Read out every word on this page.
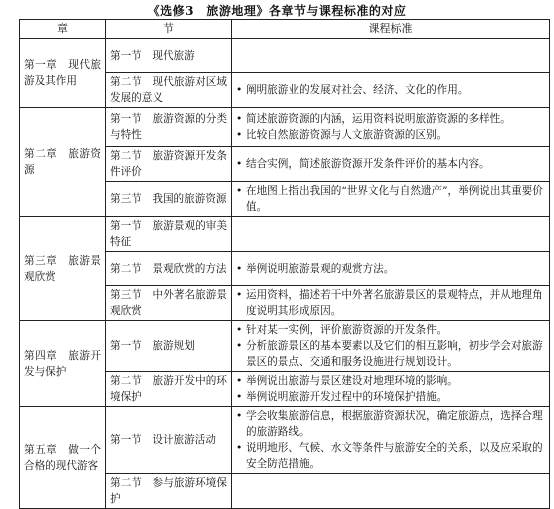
《选修3　旅游地理》各章节与课程标准的对应
章	节	课程标准
第一章　现代旅游及其作用	第一节　现代旅游	
	第二节　现代旅游对区域发展的意义	• 阐明旅游业的发展对社会、经济、文化的作用。

第二章　旅游资源	第一节　旅游资源的分类与特性	• 简述旅游资源的内涵，运用资料说明旅游资源的多样性。
• 比较自然旅游资源与人文旅游资源的区别。

	第二节　旅游资源开发条件评价	• 结合实例，简述旅游资源开发条件评价的基本内容。

	第三节　我国的旅游资源	• 在地图上指出我国的“世界文化与自然遗产”，举例说出其重要价值。

第三章　旅游景观欣赏	第一节　旅游景观的审美特征	
	第二节　景观欣赏的方法	• 举例说明旅游景观的观赏方法。

	第三节　中外著名旅游景观欣赏	• 运用资料，描述若干中外著名旅游景区的景观特点，并从地理角度说明其形成原因。

第四章　旅游开发与保护	第一节　旅游规划	• 针对某一实例，评价旅游资源的开发条件。
• 分析旅游景区的基本要素以及它们的相互影响，初步学会对旅游景区的景点、交通和服务设施进行规划设计。

	第二节　旅游开发中的环境保护	• 举例说出旅游与景区建设对地理环境的影响。
• 举例说明旅游开发过程中的环境保护措施。

第五章　做一个合格的现代游客	第一节　设计旅游活动	• 学会收集旅游信息，根据旅游资源状况，确定旅游点，选择合理的旅游路线。
• 说明地形、气候、水文等条件与旅游安全的关系，以及应采取的安全防范措施。

	第二节　参与旅游环境保护	
